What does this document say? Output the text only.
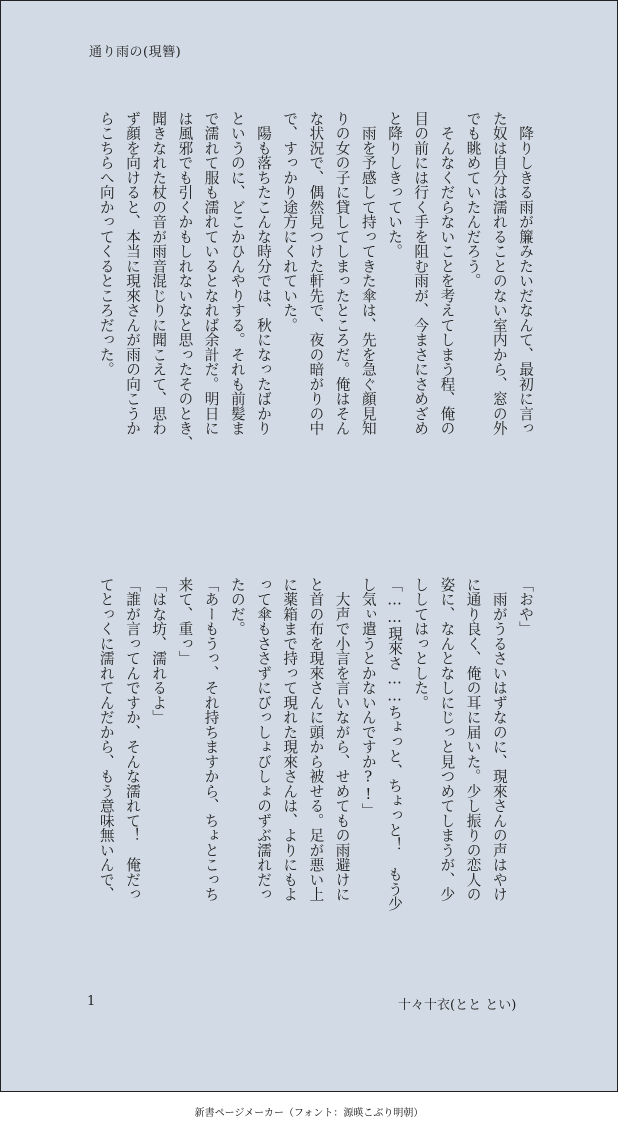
通り雨の(現簪)
　降りしきる雨が簾みたいだなんて、最初に言っ
た奴は自分は濡れることのない室内から、窓の外
でも眺めていたんだろう。
　そんなくだらないことを考えてしまう程、俺の
目の前には行く手を阻む雨が、今まさにさめざめ
と降りしきっていた。
　雨を予感して持ってきた傘は、先を急ぐ顔見知
りの女の子に貸してしまったところだ。俺はそん
な状況で、偶然見つけた軒先で、夜の暗がりの中
で、すっかり途方にくれていた。
　陽も落ちたこんな時分では、秋になったばかり
というのに、どこかひんやりする。それも前髪ま
で濡れて服も濡れているとなれば余計だ。明日に
は風邪でも引くかもしれないなと思ったそのとき、
聞きなれた杖の音が雨音混じりに聞こえて、思わ
ず顔を向けると、本当に現來さんが雨の向こうか
らこちらへ向かってくるところだった。
「おや」
　雨がうるさいはずなのに、現來さんの声はやけ
に通り良く、俺の耳に届いた。少し振りの恋人の
姿に、なんとなしにじっと見つめてしまうが、少
ししてはっとした。
「……現來さ……ちょっと、ちょっと！　もう少
し気ぃ遣うとかないんですか?!」
　大声で小言を言いながら、せめてもの雨避けに
と首の布を現來さんに頭から被せる。足が悪い上
に薬箱まで持って現れた現來さんは、よりにもよ
って傘もささずにびっしょびしょのずぶ濡れだっ
たのだ。
「あーもうっ、それ持ちますから、ちょとこっち
来て、重っ」
「はな坊、濡れるよ」
「誰が言ってんですか、そんな濡れて！　俺だっ
てとっくに濡れてんだから、もう意味無いんで、
1	十々十衣(とと とい)
新書ページメーカー（フォント：源暎こぶり明朝）
